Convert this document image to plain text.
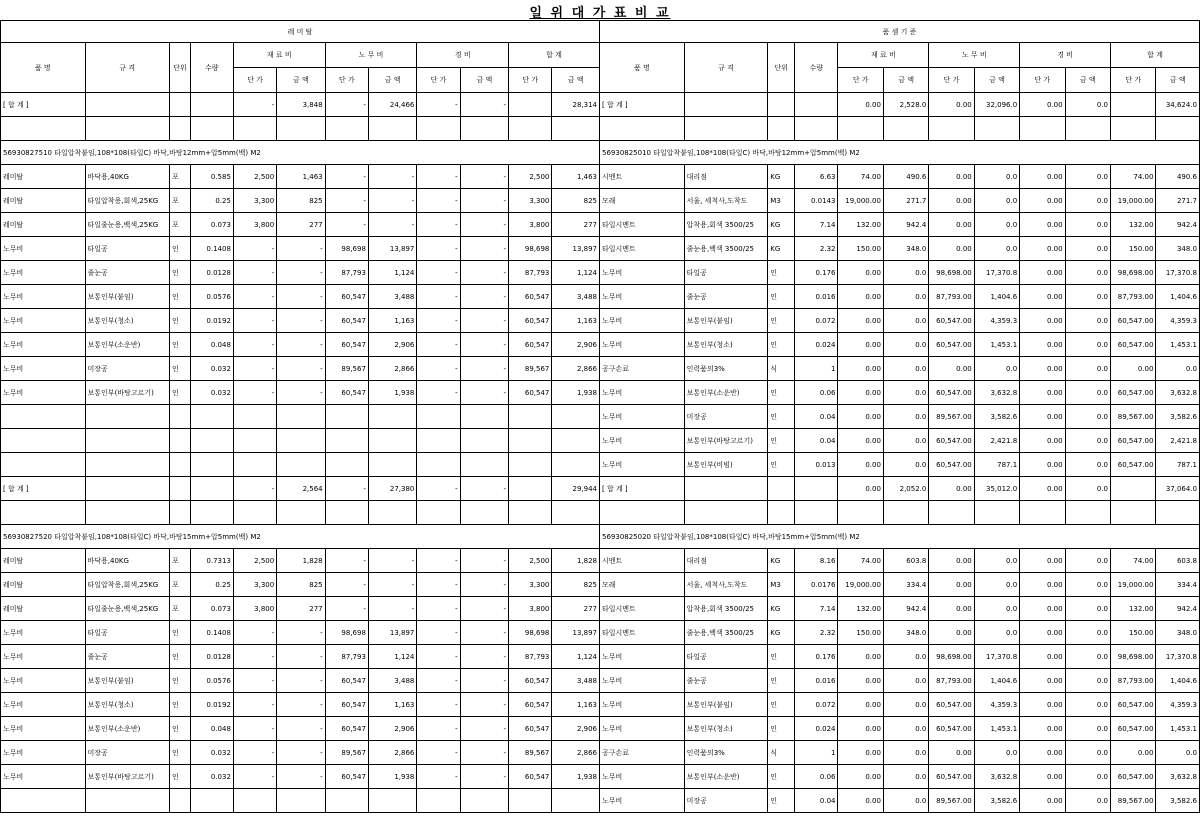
일 위 대 가 표 비 교
레 미 탈											
품 명	규 격	단위	수량	재 료 비		노 무 비		경 비		합 계	
				단 가	금 액	단 가	금 액	단 가	금 액	단 가	금 액
[ 합 계 ]				-	3,848	-	24,466	-	-		28,314

56930827510 타일압착붙임,108*108(타일C) 바닥,바탕12mm+압5mm(백) M2											
레미탈	바닥용,40KG	포	0.585	2,500	1,463	-	-	-	-	2,500	1,463
레미탈	타일압착용,회색,25KG	포	0.25	3,300	825	-	-	-	-	3,300	825
레미탈	타일줄눈용,백색,25KG	포	0.073	3,800	277	-	-	-	-	3,800	277
노무비	타일공	인	0.1408	-	-	98,698	13,897	-	-	98,698	13,897
노무비	줄눈공	인	0.0128	-	-	87,793	1,124	-	-	87,793	1,124
노무비	보통인부(붙임)	인	0.0576	-	-	60,547	3,488	-	-	60,547	3,488
노무비	보통인부(청소)	인	0.0192	-	-	60,547	1,163	-	-	60,547	1,163
노무비	보통인부(소운반)	인	0.048	-	-	60,547	2,906	-	-	60,547	2,906
노무비	미장공	인	0.032	-	-	89,567	2,866	-	-	89,567	2,866
노무비	보통인부(바탕고르기)	인	0.032	-	-	60,547	1,938	-	-	60,547	1,938

[ 합 계 ]				-	2,564	-	27,380	-	-		29,944

56930827520 타일압착붙임,108*108(타일C) 바닥,바탕15mm+압5mm(백) M2											
레미탈	바닥용,40KG	포	0.7313	2,500	1,828	-	-	-	-	2,500	1,828
레미탈	타일압착용,회색,25KG	포	0.25	3,300	825	-	-	-	-	3,300	825
레미탈	타일줄눈용,백색,25KG	포	0.073	3,800	277	-	-	-	-	3,800	277
노무비	타일공	인	0.1408	-	-	98,698	13,897	-	-	98,698	13,897
노무비	줄눈공	인	0.0128	-	-	87,793	1,124	-	-	87,793	1,124
노무비	보통인부(붙임)	인	0.0576	-	-	60,547	3,488	-	-	60,547	3,488
노무비	보통인부(청소)	인	0.0192	-	-	60,547	1,163	-	-	60,547	1,163
노무비	보통인부(소운반)	인	0.048	-	-	60,547	2,906	-	-	60,547	2,906
노무비	미장공	인	0.032	-	-	89,567	2,866	-	-	89,567	2,866
노무비	보통인부(바탕고르기)	인	0.032	-	-	60,547	1,938	-	-	60,547	1,938

품 셈 기 준											
품 명	규 격	단위	수량	재 료 비		노 무 비		경 비		합 계	
				단 가	금 액	단 가	금 액	단 가	금 액	단 가	금 액
[ 합 계 ]				0.00	2,528.0	0.00	32,096.0	0.00	0.0		34,624.0

56930825010 타일압착붙임,108*108(타일C) 바닥,바탕12mm+압5mm(백) M2											
시멘트	대리점	KG	6.63	74.00	490.6	0.00	0.0	0.00	0.0	74.00	490.6
모래	서울, 세척사,도착도	M3	0.0143	19,000.00	271.7	0.00	0.0	0.00	0.0	19,000.00	271.7
타일시멘트	압착용,회색 3500/25	KG	7.14	132.00	942.4	0.00	0.0	0.00	0.0	132.00	942.4
타일시멘트	줄눈용,백색 3500/25	KG	2.32	150.00	348.0	0.00	0.0	0.00	0.0	150.00	348.0
노무비	타일공	인	0.176	0.00	0.0	98,698.00	17,370.8	0.00	0.0	98,698.00	17,370.8
노무비	줄눈공	인	0.016	0.00	0.0	87,793.00	1,404.6	0.00	0.0	87,793.00	1,404.6
노무비	보통인부(붙임)	인	0.072	0.00	0.0	60,547.00	4,359.3	0.00	0.0	60,547.00	4,359.3
노무비	보통인부(청소)	인	0.024	0.00	0.0	60,547.00	1,453.1	0.00	0.0	60,547.00	1,453.1
공구손료	인력품의3%	식	1	0.00	0.0	0.00	0.0	0.00	0.0	0.00	0.0
노무비	보통인부(소운반)	인	0.06	0.00	0.0	60,547.00	3,632.8	0.00	0.0	60,547.00	3,632.8
노무비	미장공	인	0.04	0.00	0.0	89,567.00	3,582.6	0.00	0.0	89,567.00	3,582.6
노무비	보통인부(바탕고르기)	인	0.04	0.00	0.0	60,547.00	2,421.8	0.00	0.0	60,547.00	2,421.8
노무비	보통인부(비빔)	인	0.013	0.00	0.0	60,547.00	787.1	0.00	0.0	60,547.00	787.1
[ 합 계 ]				0.00	2,052.0	0.00	35,012.0	0.00	0.0		37,064.0

56930825020 타일압착붙임,108*108(타일C) 바닥,바탕15mm+압5mm(백) M2											
시멘트	대리점	KG	8.16	74.00	603.8	0.00	0.0	0.00	0.0	74.00	603.8
모래	서울, 세척사,도착도	M3	0.0176	19,000.00	334.4	0.00	0.0	0.00	0.0	19,000.00	334.4
타일시멘트	압착용,회색 3500/25	KG	7.14	132.00	942.4	0.00	0.0	0.00	0.0	132.00	942.4
타일시멘트	줄눈용,백색 3500/25	KG	2.32	150.00	348.0	0.00	0.0	0.00	0.0	150.00	348.0
노무비	타일공	인	0.176	0.00	0.0	98,698.00	17,370.8	0.00	0.0	98,698.00	17,370.8
노무비	줄눈공	인	0.016	0.00	0.0	87,793.00	1,404.6	0.00	0.0	87,793.00	1,404.6
노무비	보통인부(붙임)	인	0.072	0.00	0.0	60,547.00	4,359.3	0.00	0.0	60,547.00	4,359.3
노무비	보통인부(청소)	인	0.024	0.00	0.0	60,547.00	1,453.1	0.00	0.0	60,547.00	1,453.1
공구손료	인력품의3%	식	1	0.00	0.0	0.00	0.0	0.00	0.0	0.00	0.0
노무비	보통인부(소운반)	인	0.06	0.00	0.0	60,547.00	3,632.8	0.00	0.0	60,547.00	3,632.8
노무비	미장공	인	0.04	0.00	0.0	89,567.00	3,582.6	0.00	0.0	89,567.00	3,582.6
